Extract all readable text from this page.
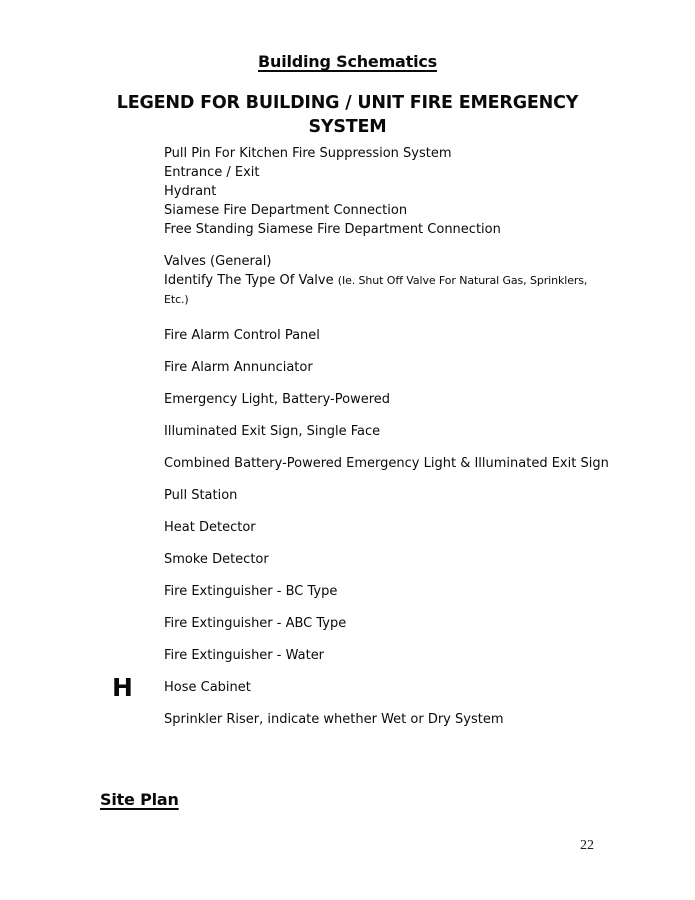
Building Schematics
LEGEND FOR BUILDING / UNIT FIRE EMERGENCY
SYSTEM
Pull Pin For Kitchen Fire Suppression System
Entrance / Exit
Hydrant
Siamese Fire Department Connection
Free Standing Siamese Fire Department Connection
Valves (General)
Identify The Type Of Valve (Ie. Shut Off Valve For Natural Gas, Sprinklers, Etc.)
Fire Alarm Control Panel
Fire Alarm Annunciator
Emergency Light, Battery-Powered
Illuminated Exit Sign, Single Face
Combined Battery-Powered Emergency Light & Illuminated Exit Sign
Pull Station
Heat Detector
Smoke Detector
Fire Extinguisher - BC Type
Fire Extinguisher - ABC Type
Fire Extinguisher - Water
H Hose Cabinet
Sprinkler Riser, indicate whether Wet or Dry System
Site Plan
22
